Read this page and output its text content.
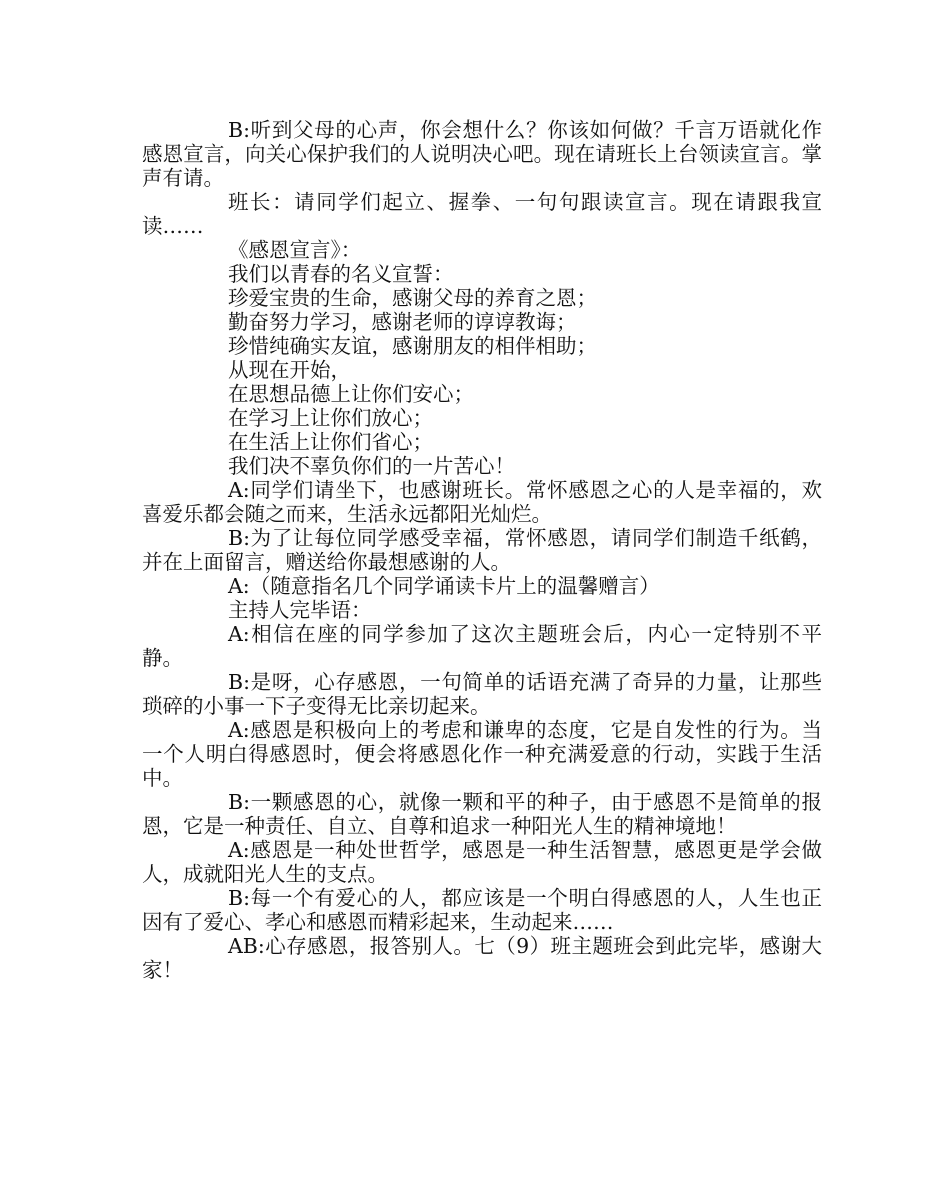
B:听到父母的心声，你会想什么？你该如何做？千言万语就化作感恩宣言，向关心保护我们的人说明决心吧。现在请班长上台领读宣言。掌声有请。

班长：请同学们起立、握拳、一句句跟读宣言。现在请跟我宣读……

《感恩宣言》：

我们以青春的名义宣誓：

珍爱宝贵的生命，感谢父母的养育之恩；

勤奋努力学习，感谢老师的谆谆教诲；

珍惜纯确实友谊，感谢朋友的相伴相助；

从现在开始，

在思想品德上让你们安心；

在学习上让你们放心；

在生活上让你们省心；

我们决不辜负你们的一片苦心！

A:同学们请坐下，也感谢班长。常怀感恩之心的人是幸福的，欢喜爱乐都会随之而来，生活永远都阳光灿烂。

B:为了让每位同学感受幸福，常怀感恩，请同学们制造千纸鹤，并在上面留言，赠送给你最想感谢的人。

A:（随意指名几个同学诵读卡片上的温馨赠言）

主持人完毕语：

A:相信在座的同学参加了这次主题班会后，内心一定特别不平静。

B:是呀，心存感恩，一句简单的话语充满了奇异的力量，让那些琐碎的小事一下子变得无比亲切起来。

A:感恩是积极向上的考虑和谦卑的态度，它是自发性的行为。当一个人明白得感恩时，便会将感恩化作一种充满爱意的行动，实践于生活中。

B:一颗感恩的心，就像一颗和平的种子，由于感恩不是简单的报恩，它是一种责任、自立、自尊和追求一种阳光人生的精神境地！

A:感恩是一种处世哲学，感恩是一种生活智慧，感恩更是学会做人，成就阳光人生的支点。

B:每一个有爱心的人，都应该是一个明白得感恩的人，人生也正因有了爱心、孝心和感恩而精彩起来，生动起来……

AB:心存感恩，报答别人。七（9）班主题班会到此完毕，感谢大家！
